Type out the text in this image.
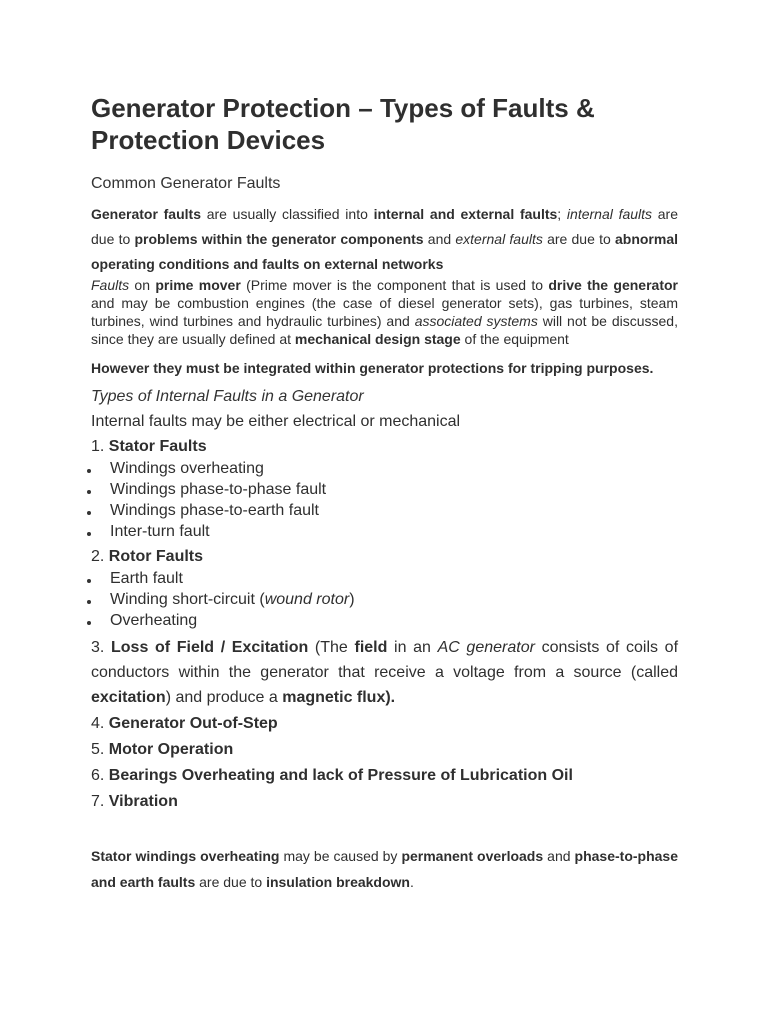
Generator Protection – Types of Faults & Protection Devices
Common Generator Faults
Generator faults are usually classified into internal and external faults; internal faults are due to problems within the generator components and external faults are due to abnormal operating conditions and faults on external networks
Faults on prime mover (Prime mover is the component that is used to drive the generator and may be combustion engines (the case of diesel generator sets), gas turbines, steam turbines, wind turbines and hydraulic turbines) and associated systems will not be discussed, since they are usually defined at mechanical design stage of the equipment
However they must be integrated within generator protections for tripping purposes.
Types of Internal Faults in a Generator
Internal faults may be either electrical or mechanical
1. Stator Faults
Windings overheating
Windings phase-to-phase fault
Windings phase-to-earth fault
Inter-turn fault
2. Rotor Faults
Earth fault
Winding short-circuit (wound rotor)
Overheating
3. Loss of Field / Excitation (The field in an AC generator consists of coils of conductors within the generator that receive a voltage from a source (called excitation) and produce a magnetic flux).
4. Generator Out-of-Step
5. Motor Operation
6. Bearings Overheating and lack of Pressure of Lubrication Oil
7. Vibration
Stator windings overheating may be caused by permanent overloads and phase-to-phase and earth faults are due to insulation breakdown.
